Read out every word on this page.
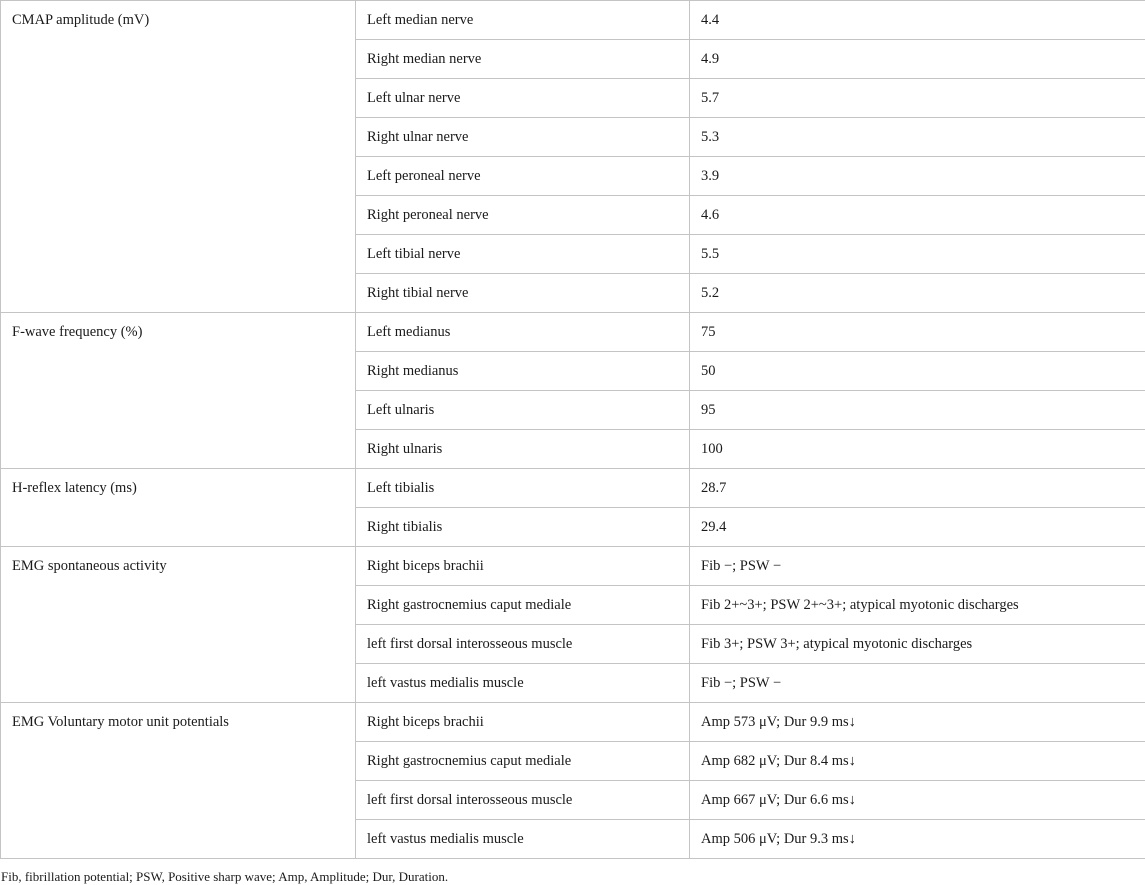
CMAP amplitude (mV)	Left median nerve	4.4
	Right median nerve	4.9
	Left ulnar nerve	5.7
	Right ulnar nerve	5.3
	Left peroneal nerve	3.9
	Right peroneal nerve	4.6
	Left tibial nerve	5.5
	Right tibial nerve	5.2
F-wave frequency (%)	Left medianus	75
	Right medianus	50
	Left ulnaris	95
	Right ulnaris	100
H-reflex latency (ms)	Left tibialis	28.7
	Right tibialis	29.4
EMG spontaneous activity	Right biceps brachii	Fib −; PSW −
	Right gastrocnemius caput mediale	Fib 2+~3+; PSW 2+~3+; atypical myotonic discharges
	left first dorsal interosseous muscle	Fib 3+; PSW 3+; atypical myotonic discharges
	left vastus medialis muscle	Fib −; PSW −
EMG Voluntary motor unit potentials	Right biceps brachii	Amp 573 μV; Dur 9.9 ms↓
	Right gastrocnemius caput mediale	Amp 682 μV; Dur 8.4 ms↓
	left first dorsal interosseous muscle	Amp 667 μV; Dur 6.6 ms↓
	left vastus medialis muscle	Amp 506 μV; Dur 9.3 ms↓
Fib, fibrillation potential; PSW, Positive sharp wave; Amp, Amplitude; Dur, Duration.
